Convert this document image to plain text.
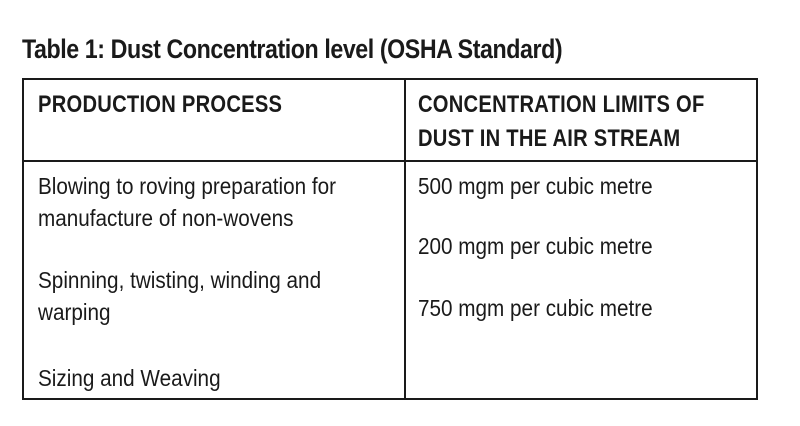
Table 1: Dust Concentration level (OSHA Standard)
PRODUCTION PROCESS	CONCENTRATION LIMITS OF
DUST IN THE AIR STREAM
Blowing to roving preparation for
manufacture of non-wovens
Spinning, twisting, winding and
warping
Sizing and Weaving
500 mgm per cubic metre
200 mgm per cubic metre
750 mgm per cubic metre
